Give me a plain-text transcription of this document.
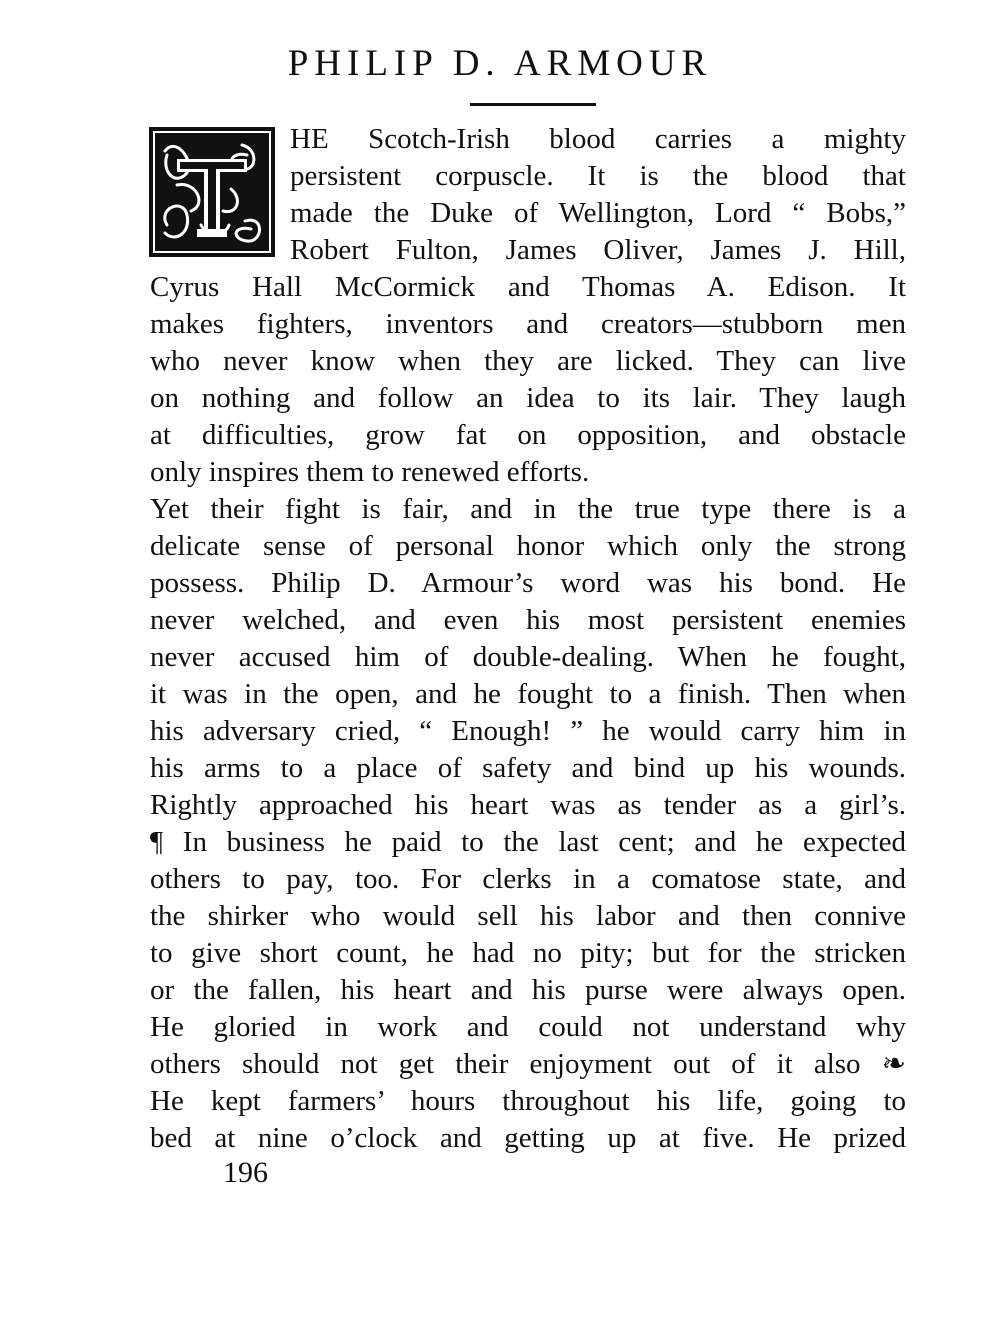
PHILIP D. ARMOUR
HE Scotch-Irish blood carries a mighty
persistent corpuscle. It is the blood that
made the Duke of Wellington, Lord “ Bobs,”
Robert Fulton, James Oliver, James J. Hill,
Cyrus Hall McCormick and Thomas A. Edison. It
makes fighters, inventors and creators—stubborn men
who never know when they are licked. They can live
on nothing and follow an idea to its lair. They laugh
at difficulties, grow fat on opposition, and obstacle
only inspires them to renewed efforts.
Yet their fight is fair, and in the true type there is a
delicate sense of personal honor which only the strong
possess. Philip D. Armour’s word was his bond. He
never welched, and even his most persistent enemies
never accused him of double-dealing. When he fought,
it was in the open, and he fought to a finish. Then when
his adversary cried, “ Enough! ” he would carry him in
his arms to a place of safety and bind up his wounds.
Rightly approached his heart was as tender as a girl’s.
¶ In business he paid to the last cent; and he expected
others to pay, too. For clerks in a comatose state, and
the shirker who would sell his labor and then connive
to give short count, he had no pity; but for the stricken
or the fallen, his heart and his purse were always open.
He gloried in work and could not understand why
others should not get their enjoyment out of it also ❧
He kept farmers’ hours throughout his life, going to
bed at nine o’clock and getting up at five. He prized
196
